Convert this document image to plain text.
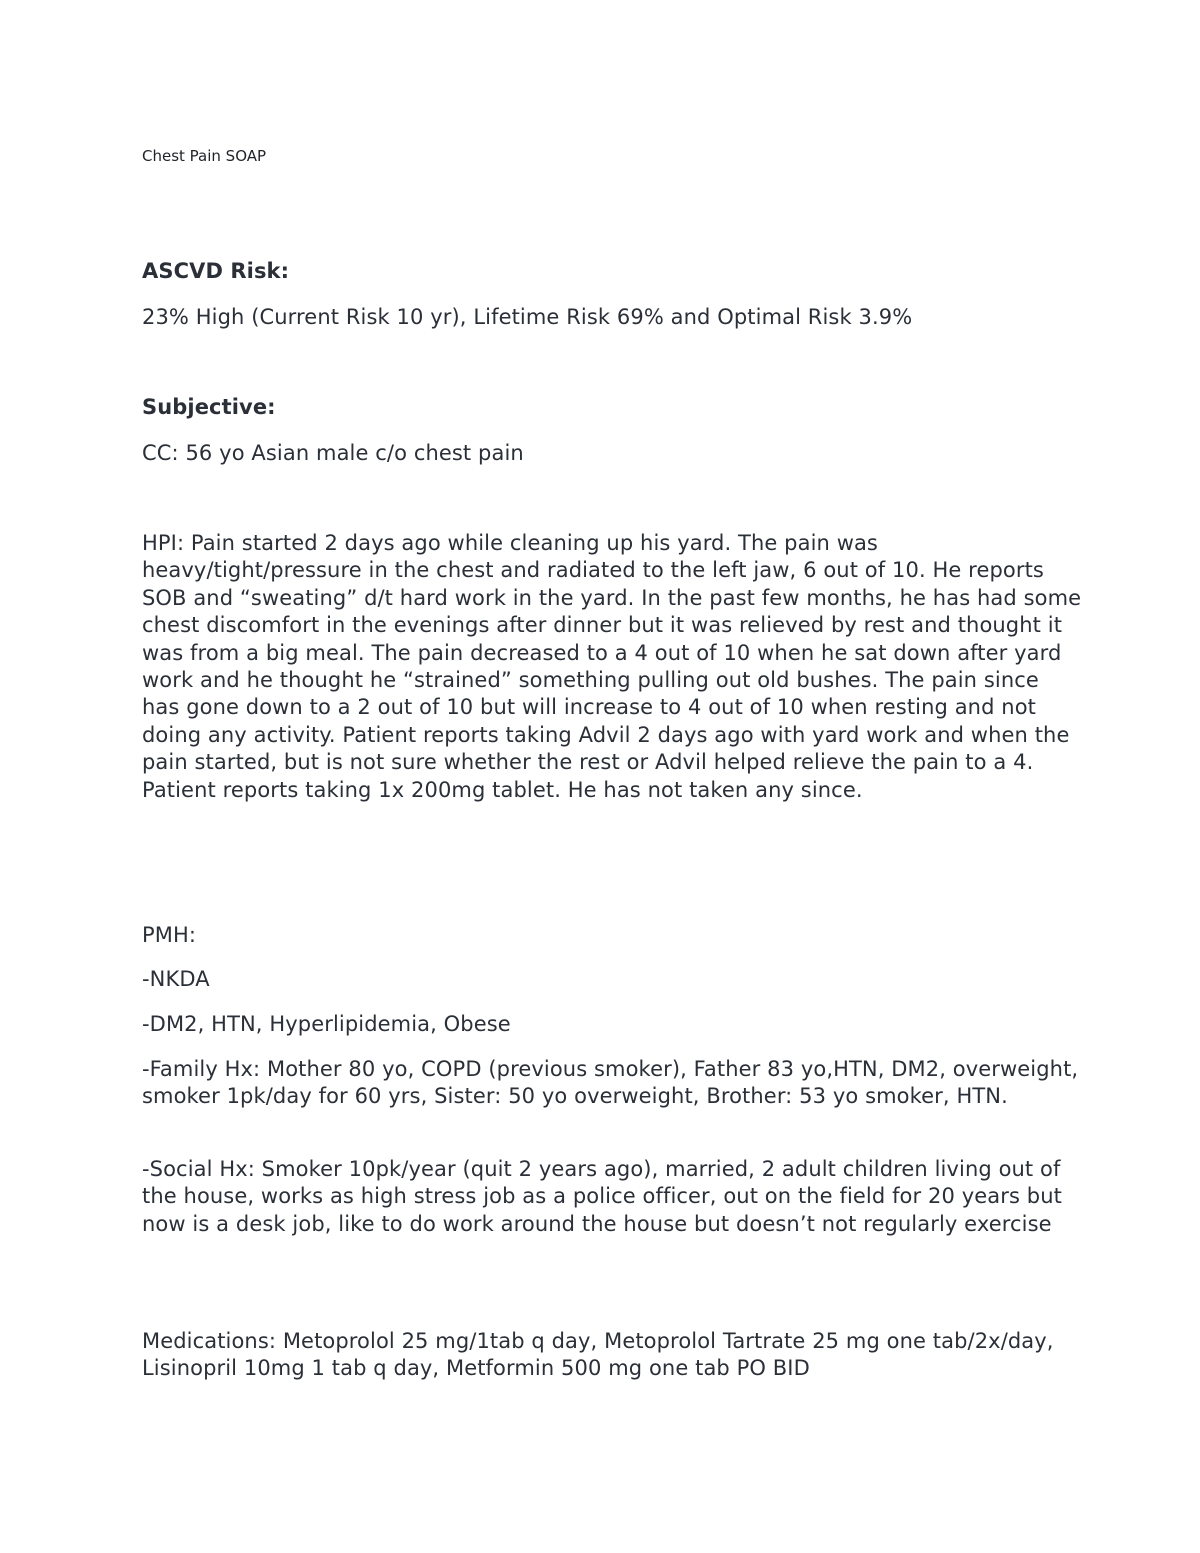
Chest Pain SOAP

ASCVD Risk:

23% High (Current Risk 10 yr), Lifetime Risk 69% and Optimal Risk 3.9%

Subjective:

CC: 56 yo Asian male c/o chest pain

HPI: Pain started 2 days ago while cleaning up his yard. The pain was heavy/tight/pressure in the chest and radiated to the left jaw, 6 out of 10. He reports SOB and “sweating” d/t hard work in the yard. In the past few months, he has had some chest discomfort in the evenings after dinner but it was relieved by rest and thought it was from a big meal. The pain decreased to a 4 out of 10 when he sat down after yard work and he thought he “strained” something pulling out old bushes. The pain since has gone down to a 2 out of 10 but will increase to 4 out of 10 when resting and not doing any activity. Patient reports taking Advil 2 days ago with yard work and when the pain started, but is not sure whether the rest or Advil helped relieve the pain to a 4. Patient reports taking 1x 200mg tablet. He has not taken any since.

PMH:

-NKDA

-DM2, HTN, Hyperlipidemia, Obese

-Family Hx: Mother 80 yo, COPD (previous smoker), Father 83 yo,HTN, DM2, overweight, smoker 1pk/day for 60 yrs, Sister: 50 yo overweight, Brother: 53 yo smoker, HTN.

-Social Hx: Smoker 10pk/year (quit 2 years ago), married, 2 adult children living out of the house, works as high stress job as a police officer, out on the field for 20 years but now is a desk job, like to do work around the house but doesn’t not regularly exercise

Medications: Metoprolol 25 mg/1tab q day, Metoprolol Tartrate 25 mg one tab/2x/day, Lisinopril 10mg 1 tab q day, Metformin 500 mg one tab PO BID
